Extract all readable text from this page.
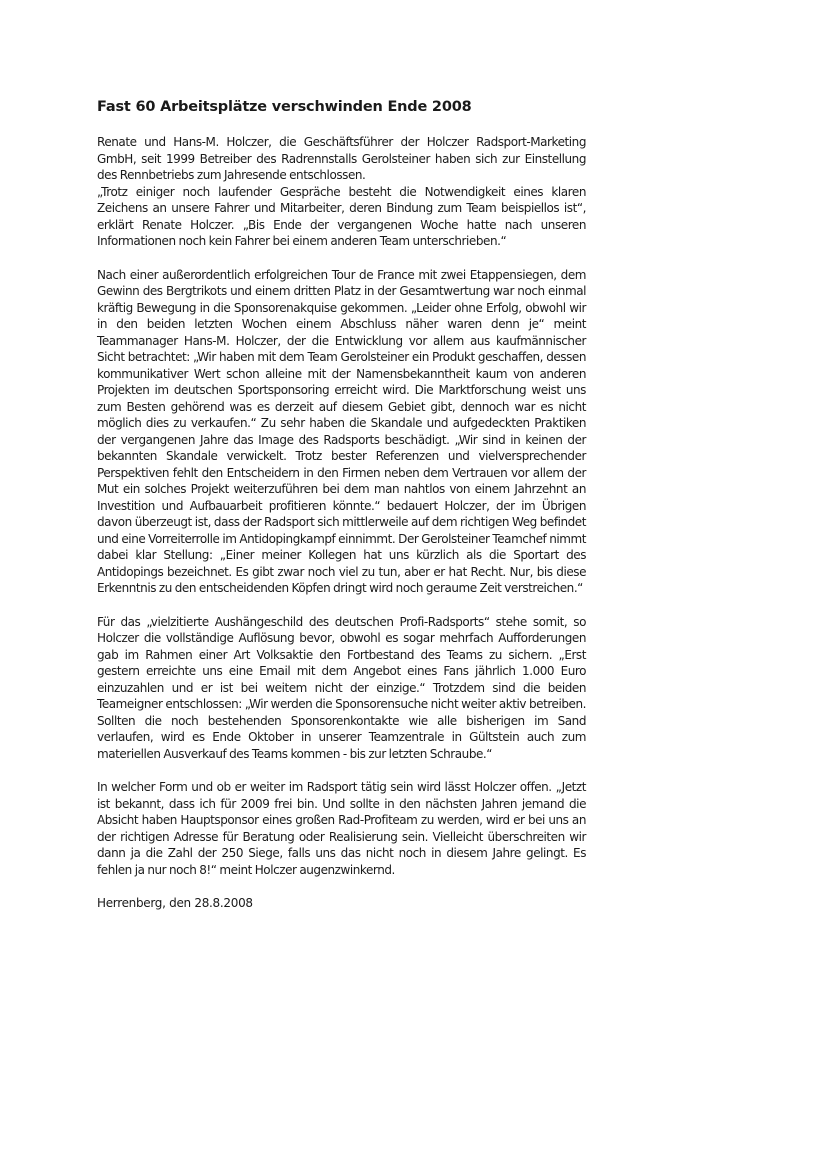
Fast 60 Arbeitsplätze verschwinden Ende 2008

Renate und Hans-M. Holczer, die Geschäftsführer der Holczer Radsport-Marketing GmbH, seit 1999 Betreiber des Radrennstalls Gerolsteiner haben sich zur Einstellung des Rennbetriebs zum Jahresende entschlossen.

„Trotz einiger noch laufender Gespräche besteht die Notwendigkeit eines klaren Zeichens an unsere Fahrer und Mitarbeiter, deren Bindung zum Team beispiellos ist“, erklärt Renate Holczer. „Bis Ende der vergangenen Woche hatte nach unseren Informationen noch kein Fahrer bei einem anderen Team unterschrieben.“

Nach einer außerordentlich erfolgreichen Tour de France mit zwei Etappensiegen, dem Gewinn des Bergtrikots und einem dritten Platz in der Gesamtwertung war noch einmal kräftig Bewegung in die Sponsorenakquise gekommen. „Leider ohne Erfolg, obwohl wir in den beiden letzten Wochen einem Abschluss näher waren denn je“ meint Teammanager Hans-M. Holczer, der die Entwicklung vor allem aus kaufmännischer Sicht betrachtet: „Wir haben mit dem Team Gerolsteiner ein Produkt geschaffen, dessen kommunikativer Wert schon alleine mit der Namensbekanntheit kaum von anderen Projekten im deutschen Sportsponsoring erreicht wird. Die Marktforschung weist uns zum Besten gehörend was es derzeit auf diesem Gebiet gibt, dennoch war es nicht möglich dies zu verkaufen.“ Zu sehr haben die Skandale und aufgedeckten Praktiken der vergangenen Jahre das Image des Radsports beschädigt. „Wir sind in keinen der bekannten Skandale verwickelt. Trotz bester Referenzen und vielversprechender Perspektiven fehlt den Entscheidern in den Firmen neben dem Vertrauen vor allem der Mut ein solches Projekt weiterzuführen bei dem man nahtlos von einem Jahrzehnt an Investition und Aufbauarbeit profitieren könnte.“ bedauert Holczer, der im Übrigen davon überzeugt ist, dass der Radsport sich mittlerweile auf dem richtigen Weg befindet und eine Vorreiterrolle im Antidopingkampf einnimmt. Der Gerolsteiner Teamchef nimmt dabei klar Stellung: „Einer meiner Kollegen hat uns kürzlich als die Sportart des Antidopings bezeichnet. Es gibt zwar noch viel zu tun, aber er hat Recht. Nur, bis diese Erkenntnis zu den entscheidenden Köpfen dringt wird noch geraume Zeit verstreichen.“

Für das „vielzitierte Aushängeschild des deutschen Profi-Radsports“ stehe somit, so Holczer die vollständige Auflösung bevor, obwohl es sogar mehrfach Aufforderungen gab im Rahmen einer Art Volksaktie den Fortbestand des Teams zu sichern. „Erst gestern erreichte uns eine Email mit dem Angebot eines Fans jährlich 1.000 Euro einzuzahlen und er ist bei weitem nicht der einzige.“ Trotzdem sind die beiden Teameigner entschlossen: „Wir werden die Sponsorensuche nicht weiter aktiv betreiben. Sollten die noch bestehenden Sponsorenkontakte wie alle bisherigen im Sand verlaufen, wird es Ende Oktober in unserer Teamzentrale in Gültstein auch zum materiellen Ausverkauf des Teams kommen - bis zur letzten Schraube.“

In welcher Form und ob er weiter im Radsport tätig sein wird lässt Holczer offen. „Jetzt ist bekannt, dass ich für 2009 frei bin. Und sollte in den nächsten Jahren jemand die Absicht haben Hauptsponsor eines großen Rad-Profiteam zu werden, wird er bei uns an der richtigen Adresse für Beratung oder Realisierung sein. Vielleicht überschreiten wir dann ja die Zahl der 250 Siege, falls uns das nicht noch in diesem Jahre gelingt. Es fehlen ja nur noch 8!“ meint Holczer augenzwinkernd.

Herrenberg, den 28.8.2008
